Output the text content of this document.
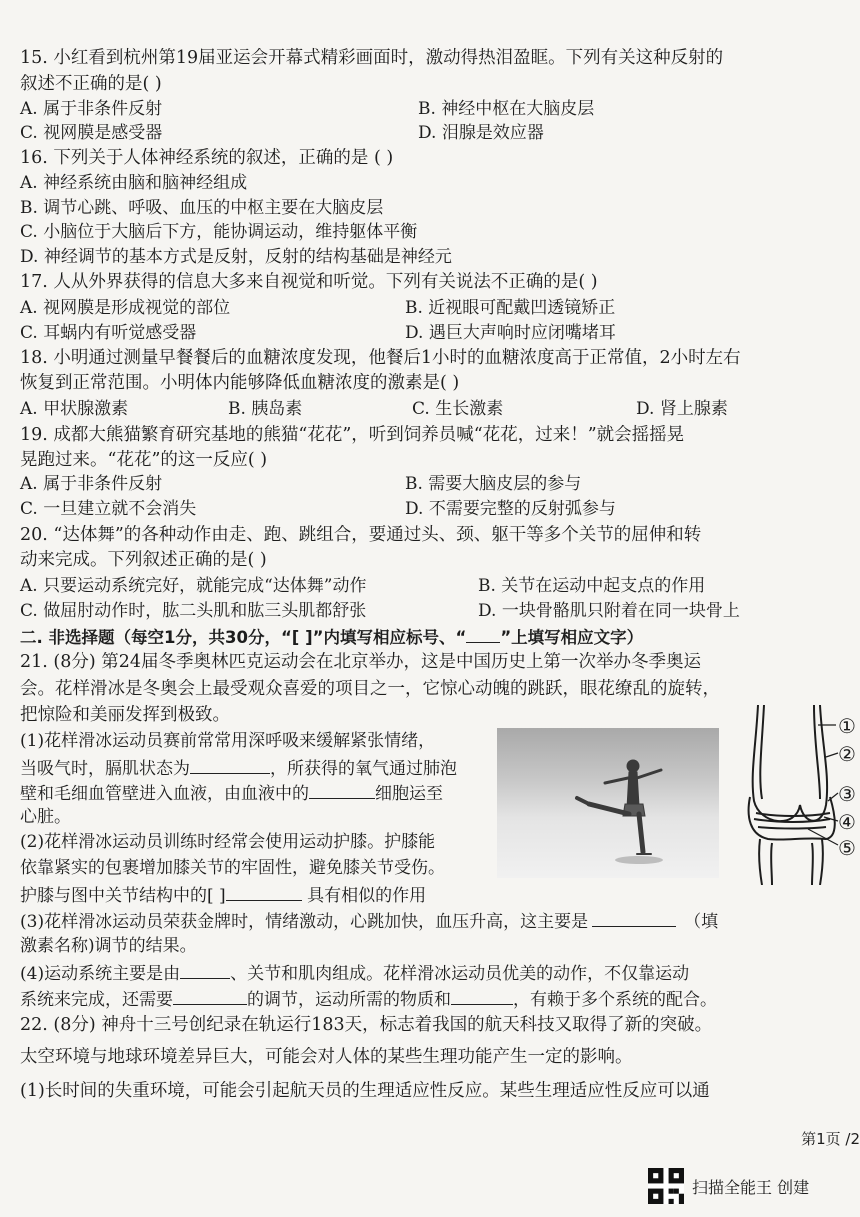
15. 小红看到杭州第19届亚运会开幕式精彩画面时，激动得热泪盈眶。下列有关这种反射的
叙述不正确的是( )
A. 属于非条件反射	B. 神经中枢在大脑皮层
C. 视网膜是感受器	D. 泪腺是效应器
16. 下列关于人体神经系统的叙述，正确的是 ( )
A. 神经系统由脑和脑神经组成
B. 调节心跳、呼吸、血压的中枢主要在大脑皮层
C. 小脑位于大脑后下方，能协调运动，维持躯体平衡
D. 神经调节的基本方式是反射，反射的结构基础是神经元
17. 人从外界获得的信息大多来自视觉和听觉。下列有关说法不正确的是( )
A. 视网膜是形成视觉的部位	B. 近视眼可配戴凹透镜矫正
C. 耳蜗内有听觉感受器	D. 遇巨大声响时应闭嘴堵耳
18. 小明通过测量早餐餐后的血糖浓度发现，他餐后1小时的血糖浓度高于正常值，2小时左右
恢复到正常范围。小明体内能够降低血糖浓度的激素是( )
A. 甲状腺激素	B. 胰岛素	C. 生长激素	D. 肾上腺素
19. 成都大熊猫繁育研究基地的熊猫“花花”，听到饲养员喊“花花，过来！”就会摇摇晃
晃跑过来。“花花”的这一反应( )
A. 属于非条件反射	B. 需要大脑皮层的参与
C. 一旦建立就不会消失	D. 不需要完整的反射弧参与
20. “达体舞”的各种动作由走、跑、跳组合，要通过头、颈、躯干等多个关节的屈伸和转
动来完成。下列叙述正确的是( )
A. 只要运动系统完好，就能完成“达体舞”动作	B. 关节在运动中起支点的作用
C. 做屈肘动作时，肱二头肌和肱三头肌都舒张	D. 一块骨骼肌只附着在同一块骨上
二. 非选择题（每空1分，共30分，“[ ]”内填写相应标号、“ ”上填写相应文字）
21. (8分) 第24届冬季奥林匹克运动会在北京举办，这是中国历史上第一次举办冬季奥运
会。花样滑冰是冬奥会上最受观众喜爱的项目之一，它惊心动魄的跳跃，眼花缭乱的旋转，
把惊险和美丽发挥到极致。
(1)花样滑冰运动员赛前常常用深呼吸来缓解紧张情绪，
当吸气时，膈肌状态为	，所获得的氧气通过肺泡
壁和毛细血管壁进入血液，由血液中的	细胞运至
心脏。
(2)花样滑冰运动员训练时经常会使用运动护膝。护膝能
依靠紧实的包裹增加膝关节的牢固性，避免膝关节受伤。
护膝与图中关节结构中的[ ]	具有相似的作用
(3)花样滑冰运动员荣获金牌时，情绪激动，心跳加快，血压升高，这主要是	（填
激素名称)调节的结果。
(4)运动系统主要是由	、关节和肌肉组成。花样滑冰运动员优美的动作，不仅靠运动
系统来完成，还需要	的调节，运动所需的物质和	，有赖于多个系统的配合。
22. (8分) 神舟十三号创纪录在轨运行183天，标志着我国的航天科技又取得了新的突破。
太空环境与地球环境差异巨大，可能会对人体的某些生理功能产生一定的影响。
(1)长时间的失重环境，可能会引起航天员的生理适应性反应。某些生理适应性反应可以通
①
②
③
④
⑤
第1页 /2
扫描全能王 创建
